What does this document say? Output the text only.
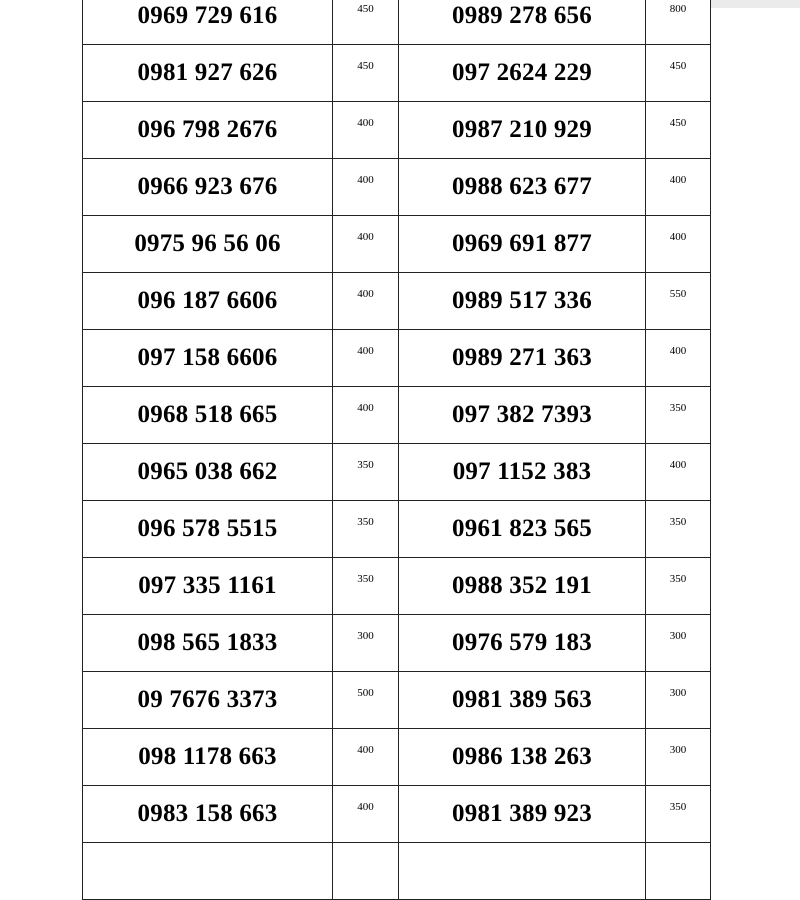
0969 729 616	450	0989 278 656	800
0981 927 626	450	097 2624 229	450
096 798 2676	400	0987 210 929	450
0966 923 676	400	0988 623 677	400
0975 96 56 06	400	0969 691 877	400
096 187 6606	400	0989 517 336	550
097 158 6606	400	0989 271 363	400
0968 518 665	400	097 382 7393	350
0965 038 662	350	097 1152 383	400
096 578 5515	350	0961 823 565	350
097 335 1161	350	0988 352 191	350
098 565 1833	300	0976 579 183	300
09 7676 3373	500	0981 389 563	300
098 1178 663	400	0986 138 263	300
0983 158 663	400	0981 389 923	350
